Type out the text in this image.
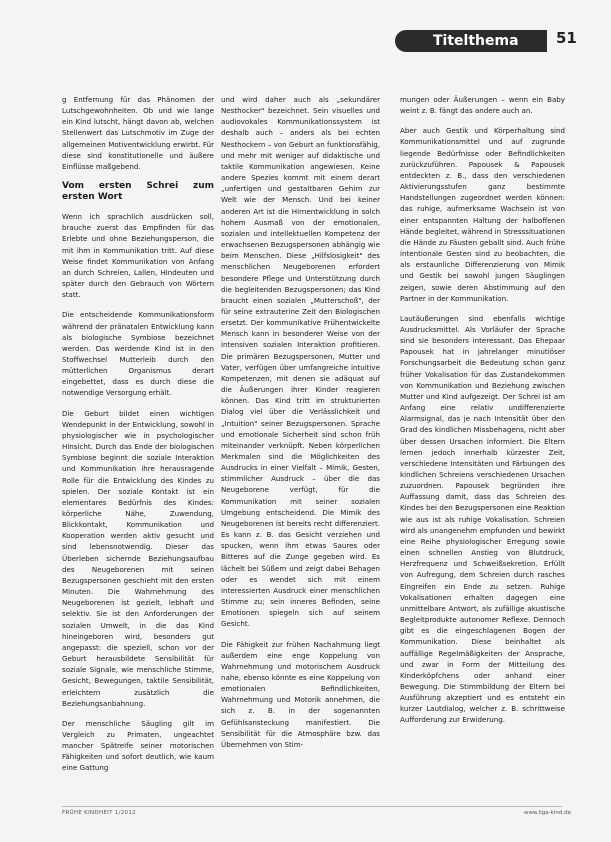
Titelthema	51

g Entfernung für das Phänomen der Lutschgewohnheiten. Ob und wie lange ein Kind lutscht, hängt davon ab, welchen Stellenwert das Lutschmotiv im Zuge der allgemeinen Motiventwicklung erwirbt. Für diese sind konstitutionelle und äußere Einflüsse maßgebend.

Vom ersten Schrei zum ersten Wort

Wenn ich sprachlich ausdrücken soll, brauche zuerst das Empfinden für das Erlebte und ohne Beziehungsperson, die mit ihm in Kommunikation tritt. Auf diese Weise findet Kommunikation von Anfang an durch Schreien, Lallen, Hindeuten und später durch den Gebrauch von Wörtern statt.

Die entscheidende Kommunikationsform während der pränatalen Entwicklung kann als biologische Symbiose bezeichnet werden. Das werdende Kind ist in den Stoffwechsel Mutterleib durch den mütterlichen Organismus derart eingebettet, dass es durch diese die notwendige Versorgung erhält.

Die Geburt bildet einen wichtigen Wendepunkt in der Entwicklung, sowohl in physiologischer wie in psychologischer Hinsicht. Durch das Ende der biologischen Symbiose beginnt die soziale Interaktion und Kommunikation ihre herausragende Rolle für die Entwicklung des Kindes zu spielen. Der soziale Kontakt ist ein elementares Bedürfnis des Kindes: körperliche Nähe, Zuwendung, Blickkontakt, Kommunikation und Kooperation werden aktiv gesucht und sind lebensnotwendig. Dieser das Überleben sichernde Beziehungsaufbau des Neugeborenen mit seinen Bezugspersonen geschieht mit den ersten Minuten. Die Wahrnehmung des Neugeborenen ist gezielt, lebhaft und selektiv. Sie ist den Anforderungen der sozialen Umwelt, in die das Kind hineingeboren wird, besonders gut angepasst: die speziell, schon vor der Geburt herausbildete Sensibilität für soziale Signale, wie menschliche Stimme, Gesicht, Bewegungen, taktile Sensibilität, erleichtern zusätzlich die Beziehungsanbahnung.

Der menschliche Säugling gilt im Vergleich zu Primaten, ungeachtet mancher Spätreife seiner motorischen Fähigkeiten und sofort deutlich, wie kaum eine Gattung

und wird daher auch als „sekundärer Nesthocker" bezeichnet. Sein visuelles und audiovokales Kommunikationssystem ist deshalb auch – anders als bei echten Nesthockern – von Geburt an funktionsfähig, und mehr mit weniger auf didaktische und taktile Kommunikation angewiesen. Keine andere Spezies kommt mit einem derart „unfertigen und gestaltbaren Gehirn zur Welt wie der Mensch. Und bei keiner anderen Art ist die Hirnentwicklung in solch hohem Ausmaß von der emotionalen, sozialen und intellektuellen Kompetenz der erwachsenen Bezugspersonen abhängig wie beim Menschen. Diese „Hilfslosigkeit" des menschlichen Neugeborenen erfordert besondere Pflege und Unterstützung durch die begleitenden Bezugspersonen; das Kind braucht einen sozialen „Mutterschoß", der für seine extrauterine Zeit den Biologischen ersetzt. Der kommunikative Frühentwickelte Mensch kann in besonderer Weise von der intensiven sozialen Interaktion profitieren. Die primären Bezugspersonen, Mutter und Vater, verfügen über umfangreiche intuitive Kompetenzen, mit denen sie adäquat auf die Äußerungen ihrer Kinder reagieren können. Das Kind tritt im strukturierten Dialog viel über die Verlässlichkeit und „Intuition" seiner Bezugspersonen. Sprache und emotionale Sicherheit sind schon früh miteinander verknüpft. Neben körperlichen Merkmalen sind die Möglichkeiten des Ausdrucks in einer Vielfalt – Mimik, Gesten, stimmlicher Ausdruck – über die das Neugeborene verfügt, für die Kommunikation mit seiner sozialen Umgebung entscheidend. Die Mimik des Neugeborenen ist bereits recht differenziert. Es kann z. B. das Gesicht verziehen und spucken, wenn ihm etwas Saures oder Bitteres auf die Zunge gegeben wird. Es lächelt bei Süßem und zeigt dabei Behagen oder es wendet sich mit einem interessierten Ausdruck einer menschlichen Stimme zu; sein inneres Befinden, seine Emotionen spiegeln sich auf seinem Gesicht.

Die Fähigkeit zur frühen Nachahmung liegt außerdem eine enge Koppelung von Wahrnehmung und motorischem Ausdruck nahe, ebenso könnte es eine Koppelung von emotionalen Befindlichkeiten, Wahrnehmung und Motorik annehmen, die sich z. B. in der sogenannten Gefühlsansteckung manifestiert. Die Sensibilität für die Atmosphäre bzw. das Übernehmen von Stim-

mungen oder Äußerungen – wenn ein Baby weint z. B. fängt das andere auch an.

Aber auch Gestik und Körperhaltung sind Kommunikationsmittel und auf zugrunde liegende Bedürfnisse oder Befindlichkeiten zurückzuführen. Papousek & Papousek entdeckten z. B., dass den verschiedenen Aktivierungsstufen ganz bestimmte Handstellungen zugeordnet werden können: das ruhige, aufmerksame Wachsein ist von einer entspannten Haltung der halboffenen Hände begleitet, während in Stresssituationen die Hände zu Fäusten geballt sind. Auch frühe intentionale Gesten sind zu beobachten, die als erstaunliche Differenzierung von Mimik und Gestik bei sowohl jungen Säuglingen zeigen, sowie deren Abstimmung auf den Partner in der Kommunikation.

Lautäußerungen sind ebenfalls wichtige Ausdrucksmittel. Als Vorläufer der Sprache sind sie besonders interessant. Das Ehepaar Papousek hat in jahrelanger minutiöser Forschungsarbeit die Bedeutung schon ganz früher Vokalisation für das Zustandekommen von Kommunikation und Beziehung zwischen Mutter und Kind aufgezeigt. Der Schrei ist am Anfang eine relativ undifferenzierte Alarmsignal, das je nach Intensität über den Grad des kindlichen Missbehagens, nicht aber über dessen Ursachen informiert. Die Eltern lernen jedoch innerhalb kürzester Zeit, verschiedene Intensitäten und Färbungen des kindlichen Schreiens verschiedenen Ursachen zuzuordnen. Papousek begründen ihre Auffassung damit, dass das Schreien des Kindes bei den Bezugspersonen eine Reaktion wie aus ist als ruhige Vokalisation. Schreien wird als unangenehm empfunden und bewirkt eine Reihe physiologischer Erregung sowie einen schnellen Anstieg von Blutdruck, Herzfrequenz und Schweißsekretion. Erfüllt von Aufregung, dem Schreien durch rasches Eingreifen ein Ende zu setzen. Ruhige Vokalisationen erhalten dagegen eine unmittelbare Antwort, als zufällige akustische Begleitprodukte autonomer Reflexe. Dennoch gibt es die eingeschlagenen Bogen der Kommunikation. Diese beinhaltet als auffällige Regelmäßigkeiten der Ansprache, und zwar in Form der Mitteilung des Kinderköpfchens oder anhand einer Bewegung. Die Stimmbildung der Eltern bei Ausführung akzeptiert und es entsteht ein kurzer Lautdialog, welcher z. B. schrittweise Aufforderung zur Erwiderung.

FRÜHE KINDHEIT 1/2012	www.liga-kind.de
